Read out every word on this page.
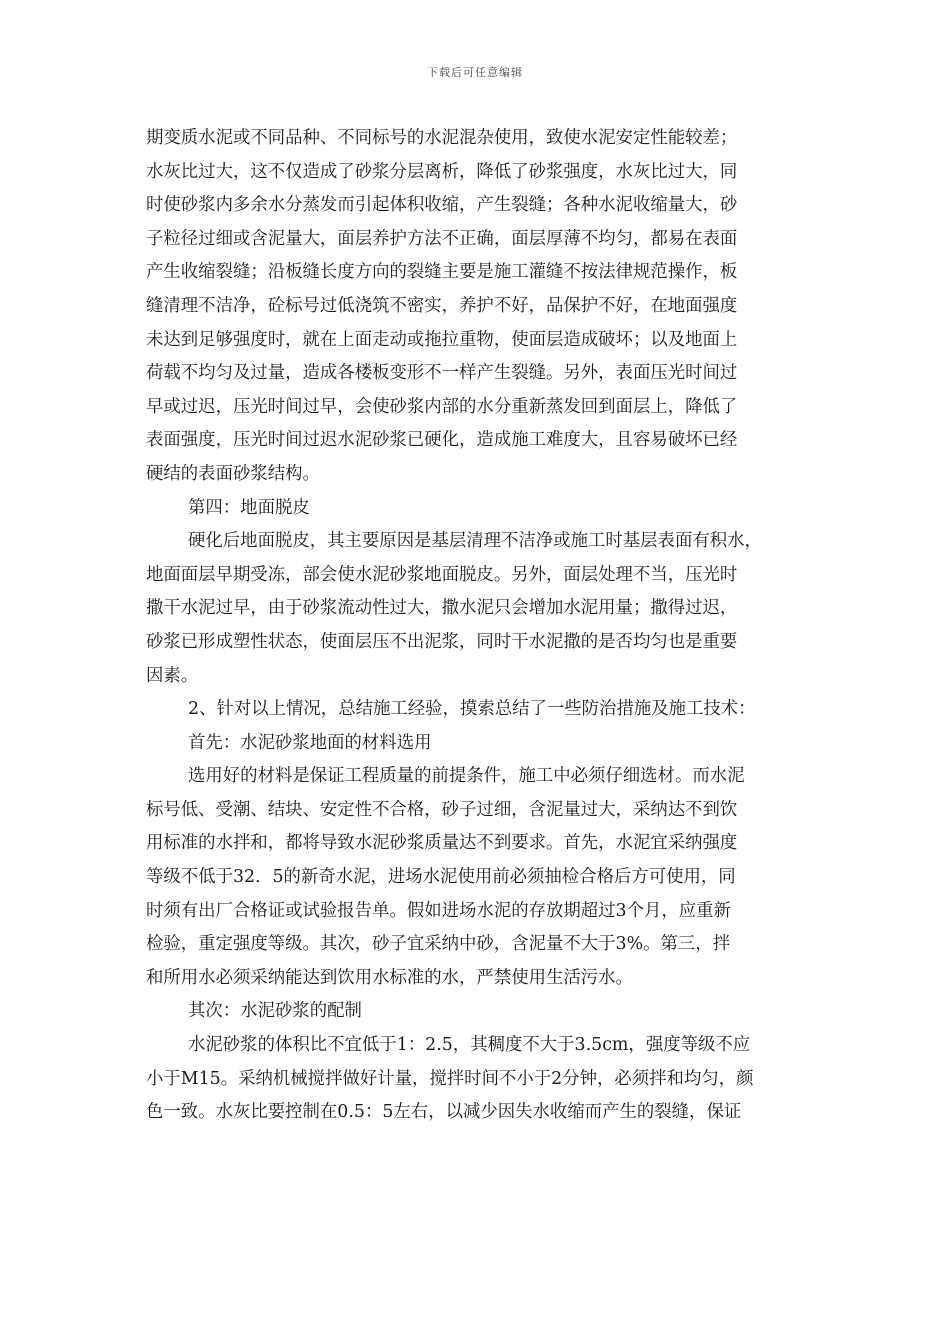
下载后可任意编辑
期变质水泥或不同品种、不同标号的水泥混杂使用，致使水泥安定性能较差；
水灰比过大，这不仅造成了砂浆分层离析，降低了砂浆强度，水灰比过大，同
时使砂浆内多余水分蒸发而引起体积收缩，产生裂缝；各种水泥收缩量大，砂
子粒径过细或含泥量大，面层养护方法不正确，面层厚薄不均匀，都易在表面
产生收缩裂缝；沿板缝长度方向的裂缝主要是施工灌缝不按法律规范操作，板
缝清理不洁净，砼标号过低浇筑不密实，养护不好，品保护不好，在地面强度
未达到足够强度时，就在上面走动或拖拉重物，使面层造成破坏；以及地面上
荷载不均匀及过量，造成各楼板变形不一样产生裂缝。另外，表面压光时间过
早或过迟，压光时间过早，会使砂浆内部的水分重新蒸发回到面层上，降低了
表面强度，压光时间过迟水泥砂浆已硬化，造成施工难度大，且容易破坏已经
硬结的表面砂浆结构。
第四：地面脱皮
硬化后地面脱皮，其主要原因是基层清理不洁净或施工时基层表面有积水，
地面面层早期受冻，部会使水泥砂浆地面脱皮。另外，面层处理不当，压光时
撒干水泥过早，由于砂浆流动性过大，撒水泥只会增加水泥用量；撒得过迟，
砂浆已形成塑性状态，使面层压不出泥浆，同时干水泥撒的是否均匀也是重要
因素。
2、针对以上情况，总结施工经验，摸索总结了一些防治措施及施工技术：
首先：水泥砂浆地面的材料选用
选用好的材料是保证工程质量的前提条件，施工中必须仔细选材。而水泥
标号低、受潮、结块、安定性不合格，砂子过细，含泥量过大，采纳达不到饮
用标准的水拌和，都将导致水泥砂浆质量达不到要求。首先，水泥宜采纳强度
等级不低于32．5的新奇水泥，进场水泥使用前必须抽检合格后方可使用，同
时须有出厂合格证或试验报告单。假如进场水泥的存放期超过3个月，应重新
检验，重定强度等级。其次，砂子宜采纳中砂，含泥量不大于3%。第三，拌
和所用水必须采纳能达到饮用水标准的水，严禁使用生活污水。
其次：水泥砂浆的配制
水泥砂浆的体积比不宜低于1：2.5，其稠度不大于3.5cm，强度等级不应
小于M15。采纳机械搅拌做好计量，搅拌时间不小于2分钟，必须拌和均匀，颜
色一致。水灰比要控制在0.5：5左右，以减少因失水收缩而产生的裂缝，保证
